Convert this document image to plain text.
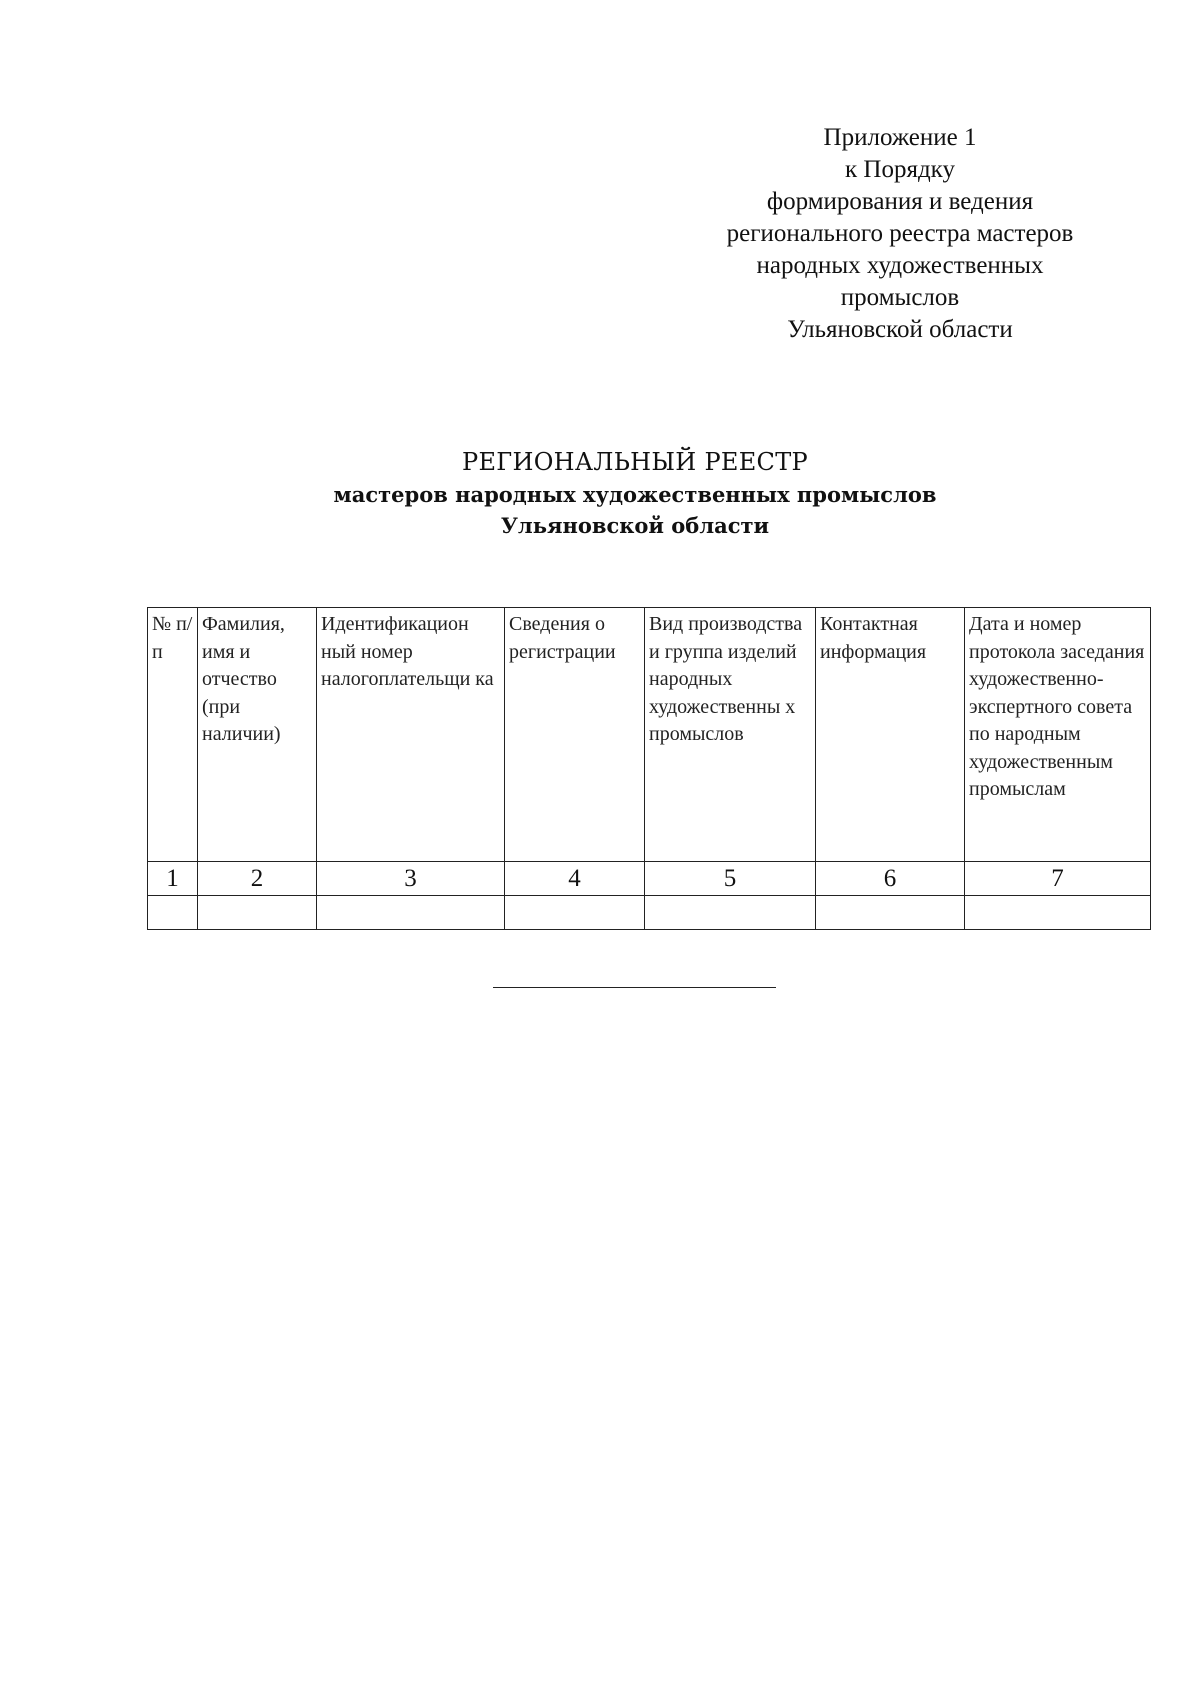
Приложение 1
к Порядку
формирования и ведения
регионального реестра мастеров
народных художественных
промыслов
Ульяновской области
РЕГИОНАЛЬНЫЙ РЕЕСТР
мастеров народных художественных промыслов
Ульяновской области
№ п/ п	Фамилия, имя и отчество (при наличии)	Идентификацион ный номер налогоплательщи ка	Сведения о регистрации	Вид производства и группа изделий народных художественны х промыслов	Контактная информация	Дата и номер протокола заседания художественно-экспертного совета по народным художественным промыслам
1	2	3	4	5	6	7
